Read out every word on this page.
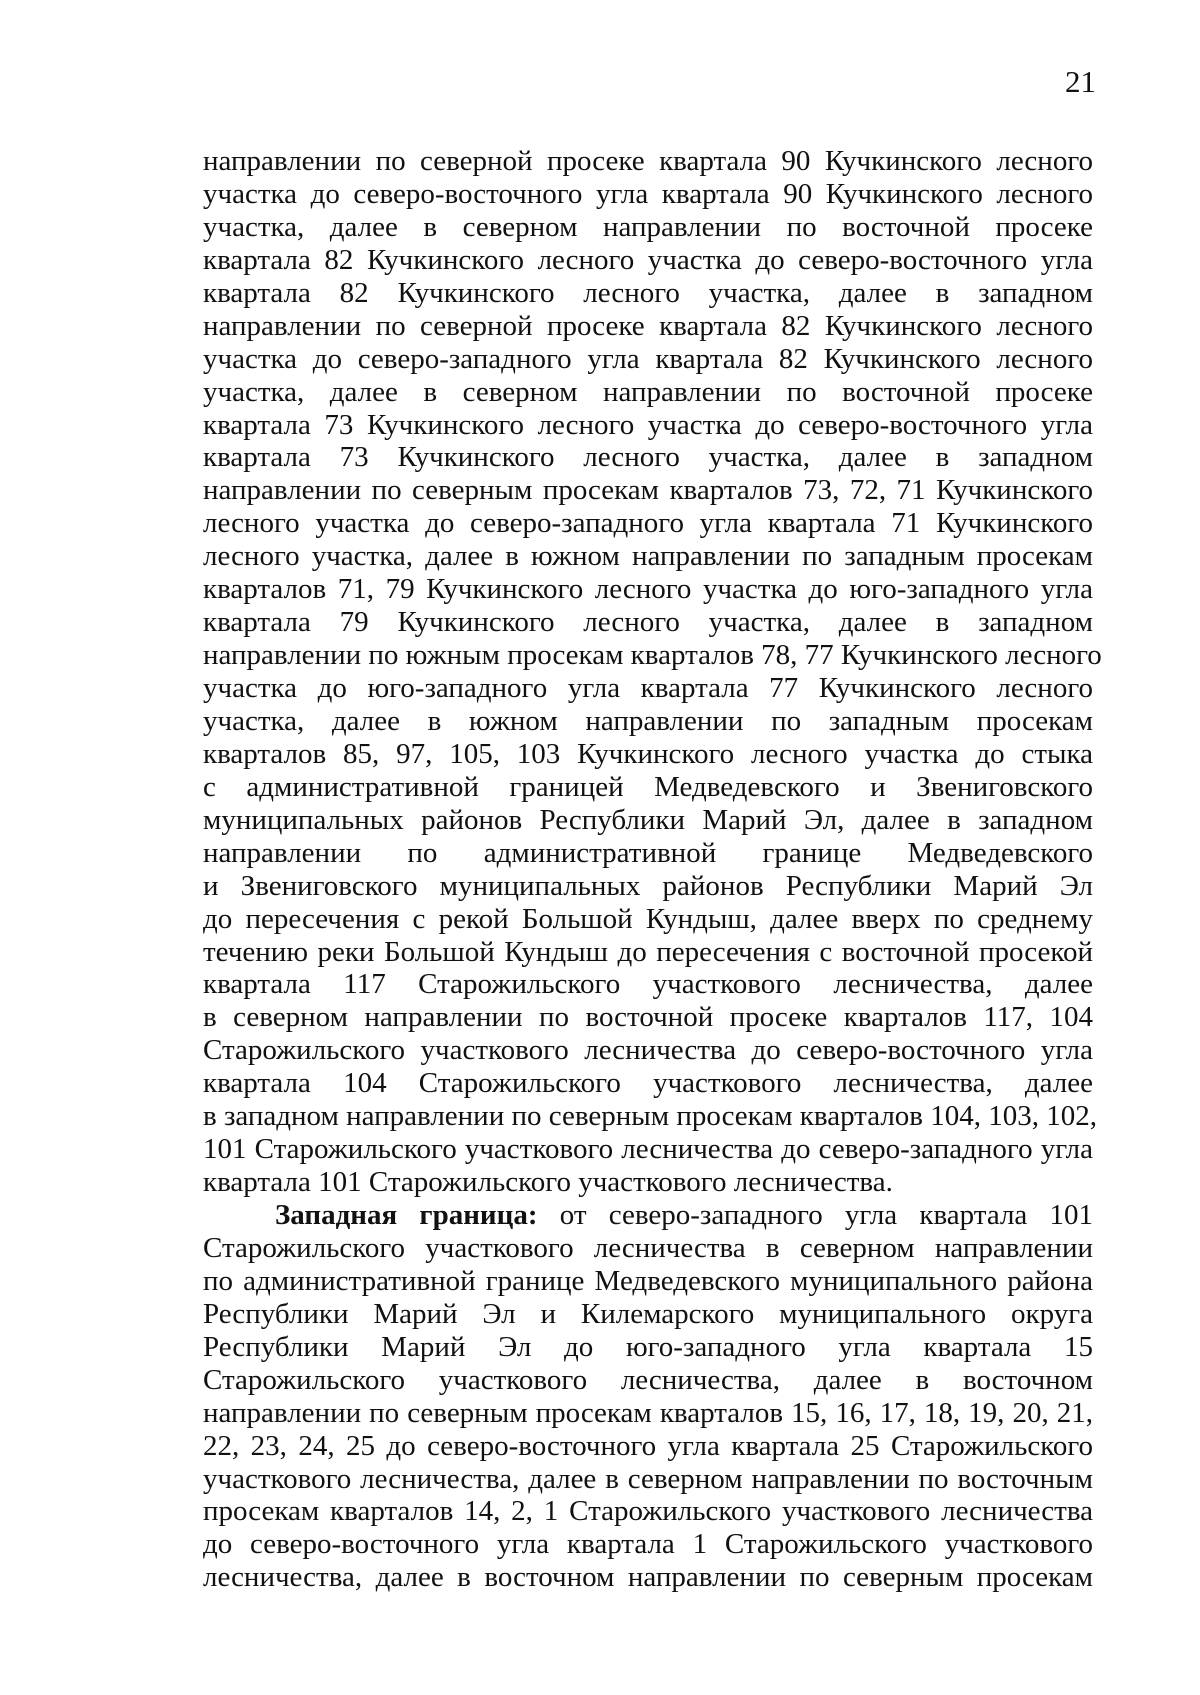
21
направлении по северной просеке квартала 90 Кучкинского лесного
участка до северо-восточного угла квартала 90 Кучкинского лесного
участка, далее в северном направлении по восточной просеке
квартала 82 Кучкинского лесного участка до северо-восточного угла
квартала 82 Кучкинского лесного участка, далее в западном
направлении по северной просеке квартала 82 Кучкинского лесного
участка до северо-западного угла квартала 82 Кучкинского лесного
участка, далее в северном направлении по восточной просеке
квартала 73 Кучкинского лесного участка до северо-восточного угла
квартала 73 Кучкинского лесного участка, далее в западном
направлении по северным просекам кварталов 73, 72, 71 Кучкинского
лесного участка до северо-западного угла квартала 71 Кучкинского
лесного участка, далее в южном направлении по западным просекам
кварталов 71, 79 Кучкинского лесного участка до юго-западного угла
квартала 79 Кучкинского лесного участка, далее в западном
направлении по южным просекам кварталов 78, 77 Кучкинского лесного
участка до юго-западного угла квартала 77 Кучкинского лесного
участка, далее в южном направлении по западным просекам
кварталов 85, 97, 105, 103 Кучкинского лесного участка до стыка
с административной границей Медведевского и Звениговского
муниципальных районов Республики Марий Эл, далее в западном
направлении по административной границе Медведевского
и Звениговского муниципальных районов Республики Марий Эл
до пересечения с рекой Большой Кундыш, далее вверх по среднему
течению реки Большой Кундыш до пересечения с восточной просекой
квартала 117 Старожильского участкового лесничества, далее
в северном направлении по восточной просеке кварталов 117, 104
Старожильского участкового лесничества до северо-восточного угла
квартала 104 Старожильского участкового лесничества, далее
в западном направлении по северным просекам кварталов 104, 103, 102,
101 Старожильского участкового лесничества до северо-западного угла
квартала 101 Старожильского участкового лесничества.
Западная граница: от северо-западного угла квартала 101
Старожильского участкового лесничества в северном направлении
по административной границе Медведевского муниципального района
Республики Марий Эл и Килемарского муниципального округа
Республики Марий Эл до юго-западного угла квартала 15
Старожильского участкового лесничества, далее в восточном
направлении по северным просекам кварталов 15, 16, 17, 18, 19, 20, 21,
22, 23, 24, 25 до северо-восточного угла квартала 25 Старожильского
участкового лесничества, далее в северном направлении по восточным
просекам кварталов 14, 2, 1 Старожильского участкового лесничества
до северо-восточного угла квартала 1 Старожильского участкового
лесничества, далее в восточном направлении по северным просекам
